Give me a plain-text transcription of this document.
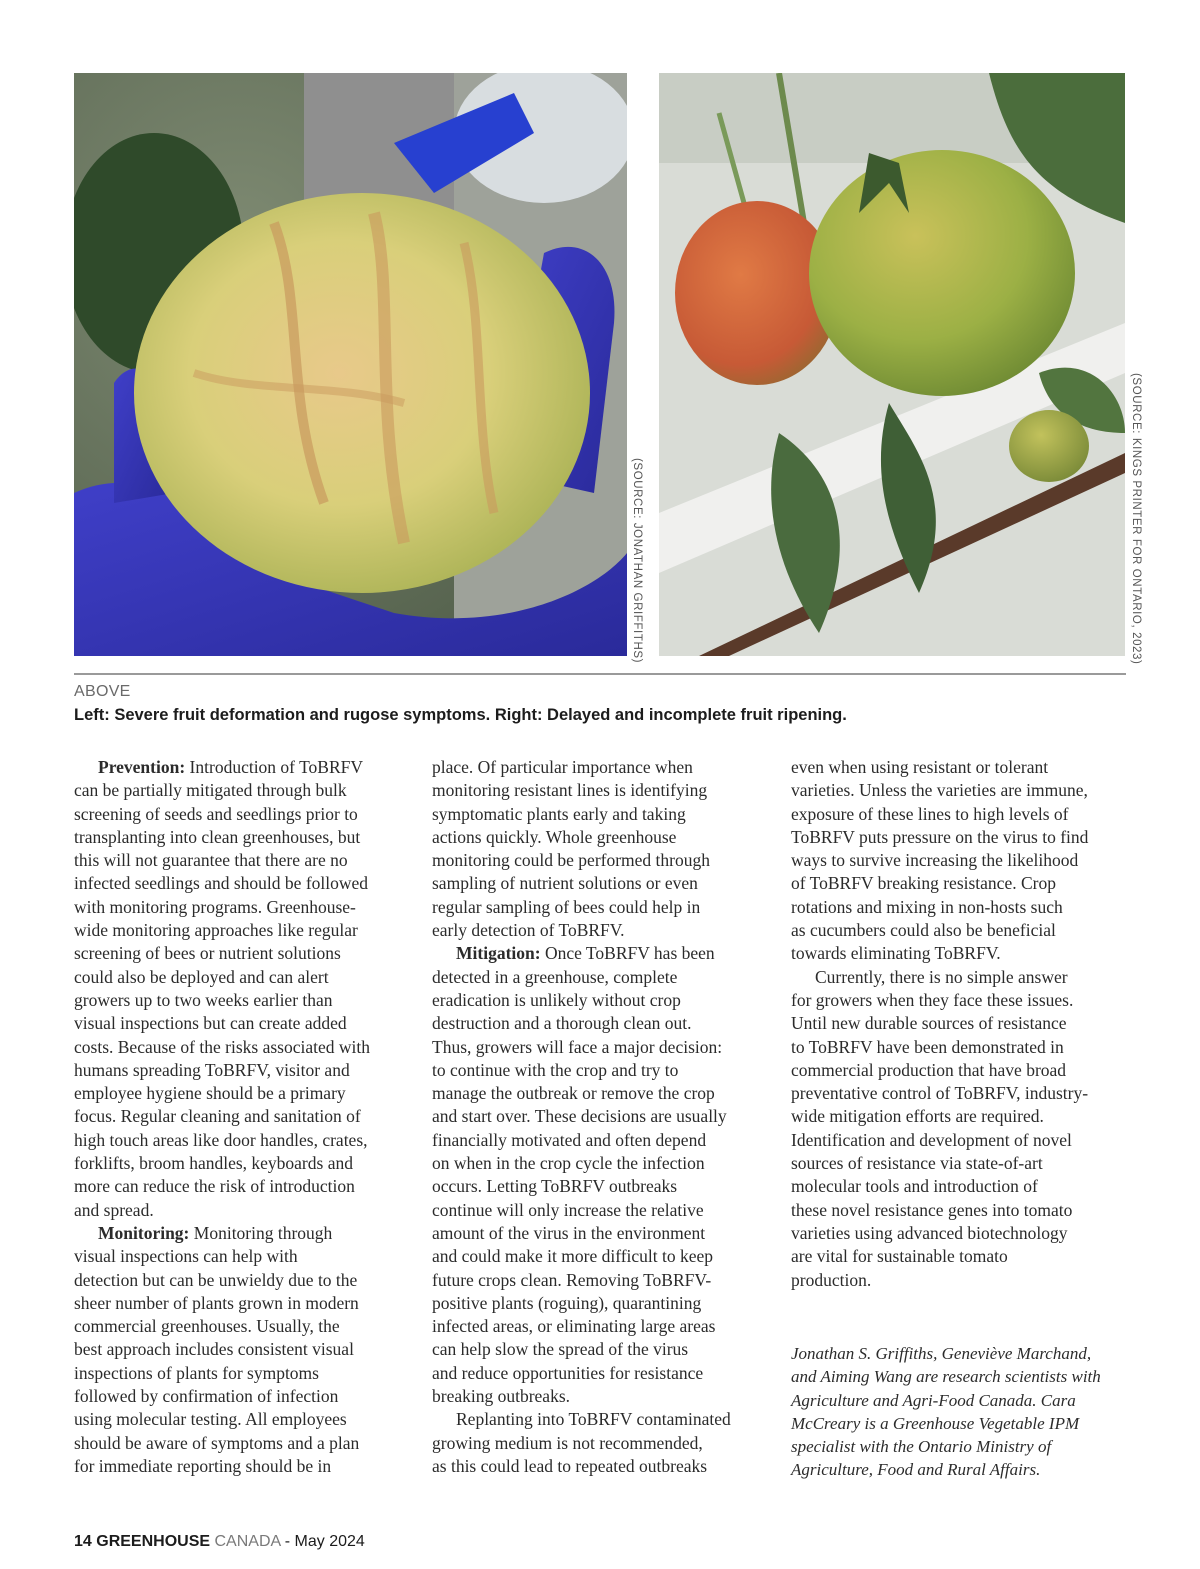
(SOURCE: JONATHAN GRIFFITHS)	(SOURCE: KINGS PRINTER FOR ONTARIO, 2023)
ABOVE
Left: Severe fruit deformation and rugose symptoms. Right: Delayed and incomplete fruit ripening.
Prevention: Introduction of ToBRFV
can be partially mitigated through bulk
screening of seeds and seedlings prior to
transplanting into clean greenhouses, but
this will not guarantee that there are no
infected seedlings and should be followed
with monitoring programs. Greenhouse-
wide monitoring approaches like regular
screening of bees or nutrient solutions
could also be deployed and can alert
growers up to two weeks earlier than
visual inspections but can create added
costs. Because of the risks associated with
humans spreading ToBRFV, visitor and
employee hygiene should be a primary
focus. Regular cleaning and sanitation of
high touch areas like door handles, crates,
forklifts, broom handles, keyboards and
more can reduce the risk of introduction
and spread.
Monitoring: Monitoring through
visual inspections can help with
detection but can be unwieldy due to the
sheer number of plants grown in modern
commercial greenhouses. Usually, the
best approach includes consistent visual
inspections of plants for symptoms
followed by confirmation of infection
using molecular testing. All employees
should be aware of symptoms and a plan
for immediate reporting should be in
place. Of particular importance when
monitoring resistant lines is identifying
symptomatic plants early and taking
actions quickly. Whole greenhouse
monitoring could be performed through
sampling of nutrient solutions or even
regular sampling of bees could help in
early detection of ToBRFV.
Mitigation: Once ToBRFV has been
detected in a greenhouse, complete
eradication is unlikely without crop
destruction and a thorough clean out.
Thus, growers will face a major decision:
to continue with the crop and try to
manage the outbreak or remove the crop
and start over. These decisions are usually
financially motivated and often depend
on when in the crop cycle the infection
occurs. Letting ToBRFV outbreaks
continue will only increase the relative
amount of the virus in the environment
and could make it more difficult to keep
future crops clean. Removing ToBRFV-
positive plants (roguing), quarantining
infected areas, or eliminating large areas
can help slow the spread of the virus
and reduce opportunities for resistance
breaking outbreaks.
Replanting into ToBRFV contaminated
growing medium is not recommended,
as this could lead to repeated outbreaks
even when using resistant or tolerant
varieties. Unless the varieties are immune,
exposure of these lines to high levels of
ToBRFV puts pressure on the virus to find
ways to survive increasing the likelihood
of ToBRFV breaking resistance. Crop
rotations and mixing in non-hosts such
as cucumbers could also be beneficial
towards eliminating ToBRFV.
Currently, there is no simple answer
for growers when they face these issues.
Until new durable sources of resistance
to ToBRFV have been demonstrated in
commercial production that have broad
preventative control of ToBRFV, industry-
wide mitigation efforts are required.
Identification and development of novel
sources of resistance via state-of-art
molecular tools and introduction of
these novel resistance genes into tomato
varieties using advanced biotechnology
are vital for sustainable tomato
production.
Jonathan S. Griffiths, Geneviève Marchand,
and Aiming Wang are research scientists with
Agriculture and Agri-Food Canada. Cara
McCreary is a Greenhouse Vegetable IPM
specialist with the Ontario Ministry of
Agriculture, Food and Rural Affairs.
14 GREENHOUSE CANADA - May 2024
